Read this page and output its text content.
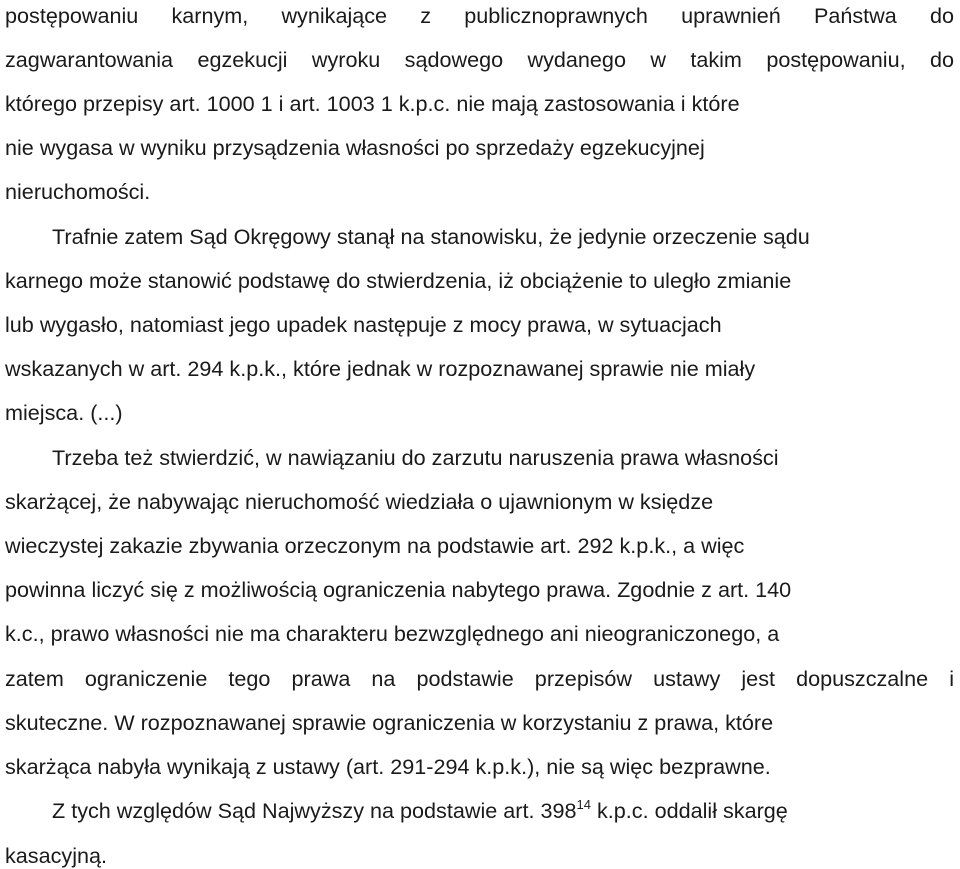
postępowaniu karnym, wynikające z publicznoprawnych uprawnień Państwa do
zagwarantowania egzekucji wyroku sądowego wydanego w takim postępowaniu, do
którego przepisy art. 1000 1 i art. 1003 1 k.p.c. nie mają zastosowania i które
nie wygasa w wyniku przysądzenia własności po sprzedaży egzekucyjnej
nieruchomości.
Trafnie zatem Sąd Okręgowy stanął na stanowisku, że jedynie orzeczenie sądu
karnego może stanowić podstawę do stwierdzenia, iż obciążenie to uległo zmianie
lub wygasło, natomiast jego upadek następuje z mocy prawa, w sytuacjach
wskazanych w art. 294 k.p.k., które jednak w rozpoznawanej sprawie nie miały
miejsca. (...)
Trzeba też stwierdzić, w nawiązaniu do zarzutu naruszenia prawa własności
skarżącej, że nabywając nieruchomość wiedziała o ujawnionym w księdze
wieczystej zakazie zbywania orzeczonym na podstawie art. 292 k.p.k., a więc
powinna liczyć się z możliwością ograniczenia nabytego prawa. Zgodnie z art. 140
k.c., prawo własności nie ma charakteru bezwzględnego ani nieograniczonego, a
zatem ograniczenie tego prawa na podstawie przepisów ustawy jest dopuszczalne i
skuteczne. W rozpoznawanej sprawie ograniczenia w korzystaniu z prawa, które
skarżąca nabyła wynikają z ustawy (art. 291-294 k.p.k.), nie są więc bezprawne.
Z tych względów Sąd Najwyższy na podstawie art. $398^{14}$ k.p.c. oddalił skargę
kasacyjną.
